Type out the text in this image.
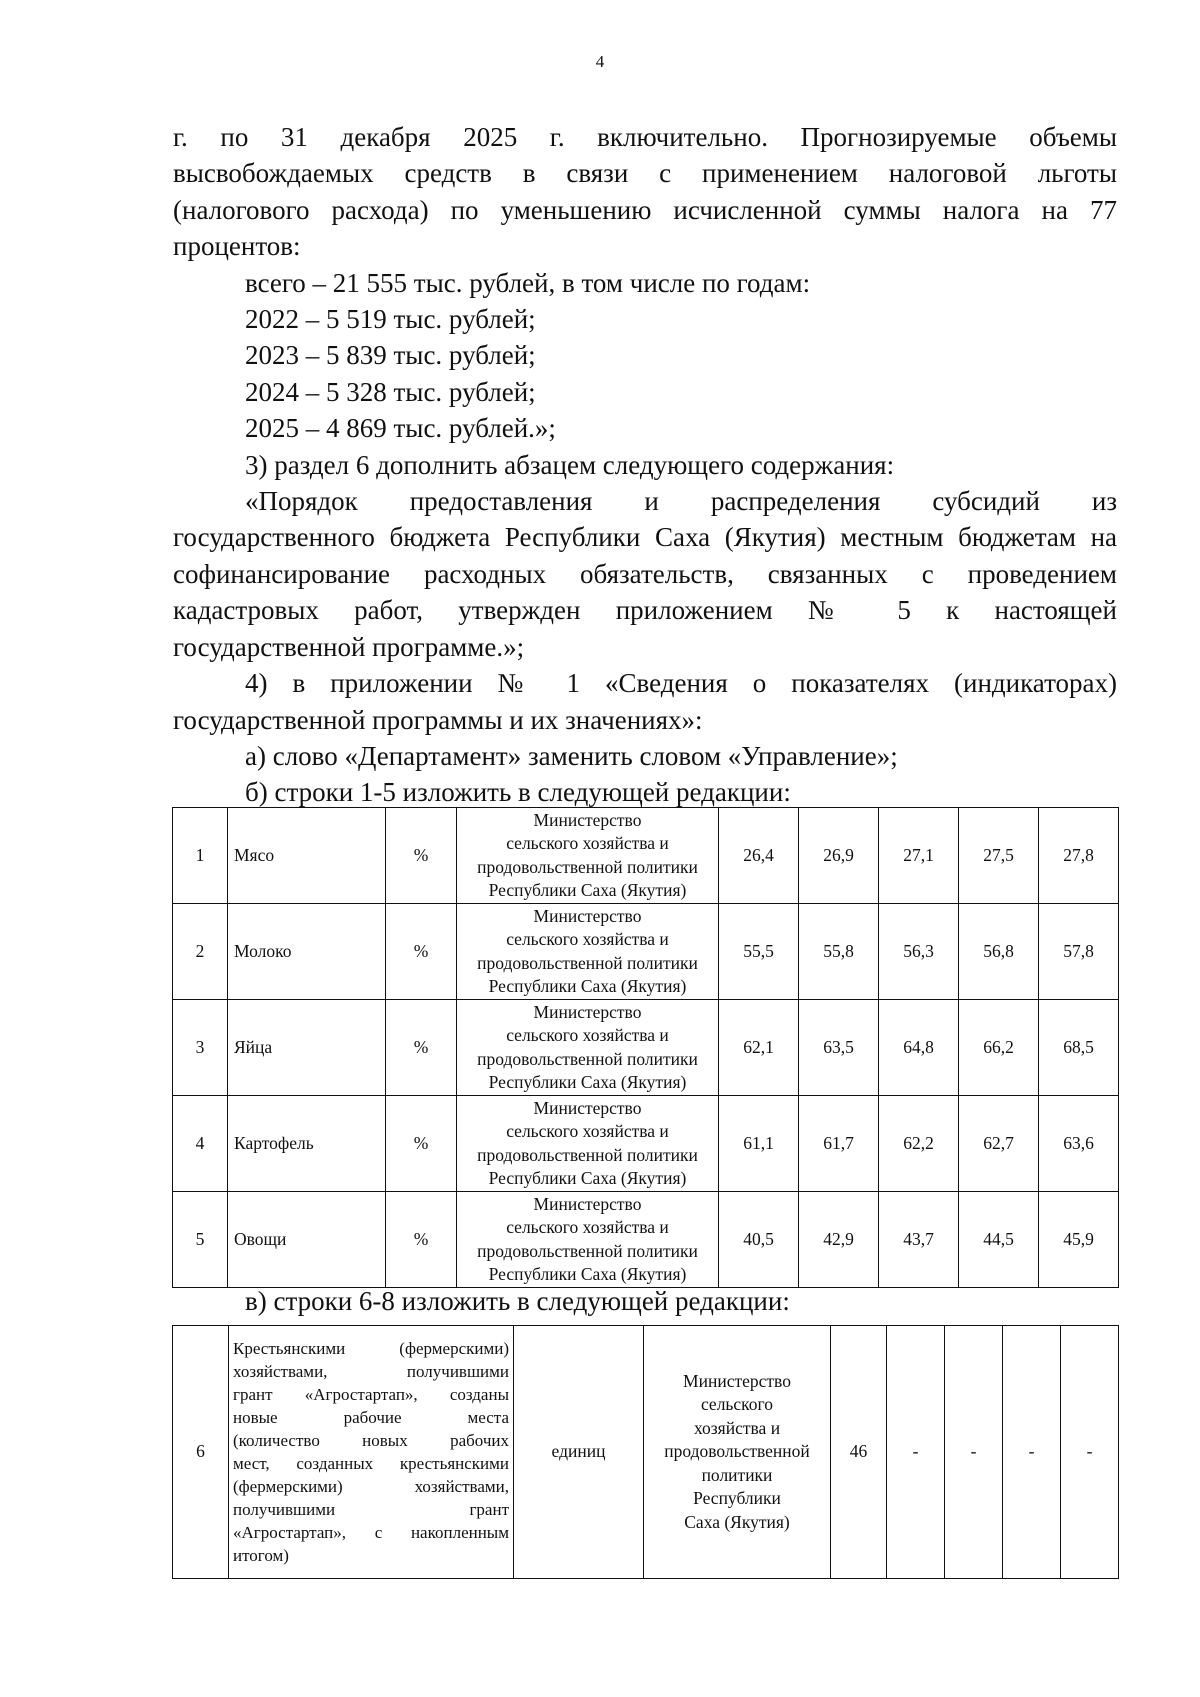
4

г. по 31 декабря 2025 г. включительно. Прогнозируемые объемы

высвобождаемых средств в связи с применением налоговой льготы

(налогового расхода) по уменьшению исчисленной суммы налога на 77

процентов:

всего – 21 555 тыс. рублей, в том числе по годам:

2022 – 5 519 тыс. рублей;

2023 – 5 839 тыс. рублей;

2024 – 5 328 тыс. рублей;

2025 – 4 869 тыс. рублей.»;

3) раздел 6 дополнить абзацем следующего содержания:

«Порядок предоставления и распределения субсидий из

государственного бюджета Республики Саха (Якутия) местным бюджетам на

софинансирование расходных обязательств, связанных с проведением

кадастровых работ, утвержден приложением № 5 к настоящей

государственной программе.»;

4) в приложении № 1 «Сведения о показателях (индикаторах)

государственной программы и их значениях»:

а) слово «Департамент» заменить словом «Управление»;

б) строки 1-5 изложить в следующей редакции:

1	Мясо	%	Министерство
сельского хозяйства и
продовольственной политики
Республики Саха (Якутия)	26,4	26,9	27,1	27,5	27,8
2	Молоко	%	Министерство
сельского хозяйства и
продовольственной политики
Республики Саха (Якутия)	55,5	55,8	56,3	56,8	57,8
3	Яйца	%	Министерство
сельского хозяйства и
продовольственной политики
Республики Саха (Якутия)	62,1	63,5	64,8	66,2	68,5
4	Картофель	%	Министерство
сельского хозяйства и
продовольственной политики
Республики Саха (Якутия)	61,1	61,7	62,2	62,7	63,6
5	Овощи	%	Министерство
сельского хозяйства и
продовольственной политики
Республики Саха (Якутия)	40,5	42,9	43,7	44,5	45,9

в) строки 6-8 изложить в следующей редакции:

6	
Крестьянскими (фермерскими)
хозяйствами, получившими
грант «Агростартап», созданы
новые рабочие места
(количество новых рабочих
мест, созданных крестьянскими
(фермерскими) хозяйствами,
получившими грант
«Агростартап», с накопленным
итогом)
	единиц	
Министерство
сельского
хозяйства и
продовольственной
политики
Республики
Саха (Якутия)
	46	-	-	-	-
